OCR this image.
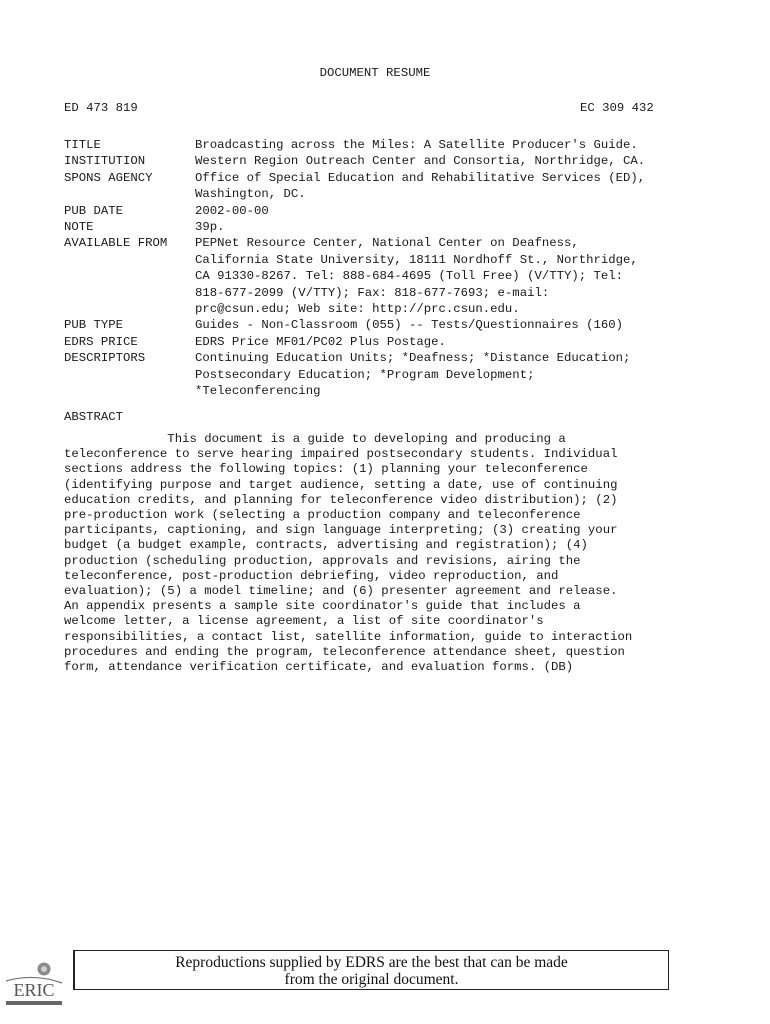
DOCUMENT RESUME
ED 473 819	EC 309 432
TITLE	Broadcasting across the Miles: A Satellite Producer's Guide.
INSTITUTION	Western Region Outreach Center and Consortia, Northridge, CA.
SPONS AGENCY	Office of Special Education and Rehabilitative Services (ED),
Washington, DC.
PUB DATE	2002-00-00
NOTE	39p.
AVAILABLE FROM	PEPNet Resource Center, National Center on Deafness,
California State University, 18111 Nordhoff St., Northridge,
CA 91330-8267. Tel: 888-684-4695 (Toll Free) (V/TTY); Tel:
818-677-2099 (V/TTY); Fax: 818-677-7693; e-mail:
prc@csun.edu; Web site: http://prc.csun.edu.
PUB TYPE	Guides - Non-Classroom (055) -- Tests/Questionnaires (160)
EDRS PRICE	EDRS Price MF01/PC02 Plus Postage.
DESCRIPTORS	Continuing Education Units; *Deafness; *Distance Education;
Postsecondary Education; *Program Development;
*Teleconferencing
ABSTRACT
This document is a guide to developing and producing a
teleconference to serve hearing impaired postsecondary students. Individual
sections address the following topics: (1) planning your teleconference
(identifying purpose and target audience, setting a date, use of continuing
education credits, and planning for teleconference video distribution); (2)
pre-production work (selecting a production company and teleconference
participants, captioning, and sign language interpreting; (3) creating your
budget (a budget example, contracts, advertising and registration); (4)
production (scheduling production, approvals and revisions, airing the
teleconference, post-production debriefing, video reproduction, and
evaluation); (5) a model timeline; and (6) presenter agreement and release.
An appendix presents a sample site coordinator's guide that includes a
welcome letter, a license agreement, a list of site coordinator's
responsibilities, a contact list, satellite information, guide to interaction
procedures and ending the program, teleconference attendance sheet, question
form, attendance verification certificate, and evaluation forms. (DB)
Reproductions supplied by EDRS are the best that can be made
from the original document.
ERIC
